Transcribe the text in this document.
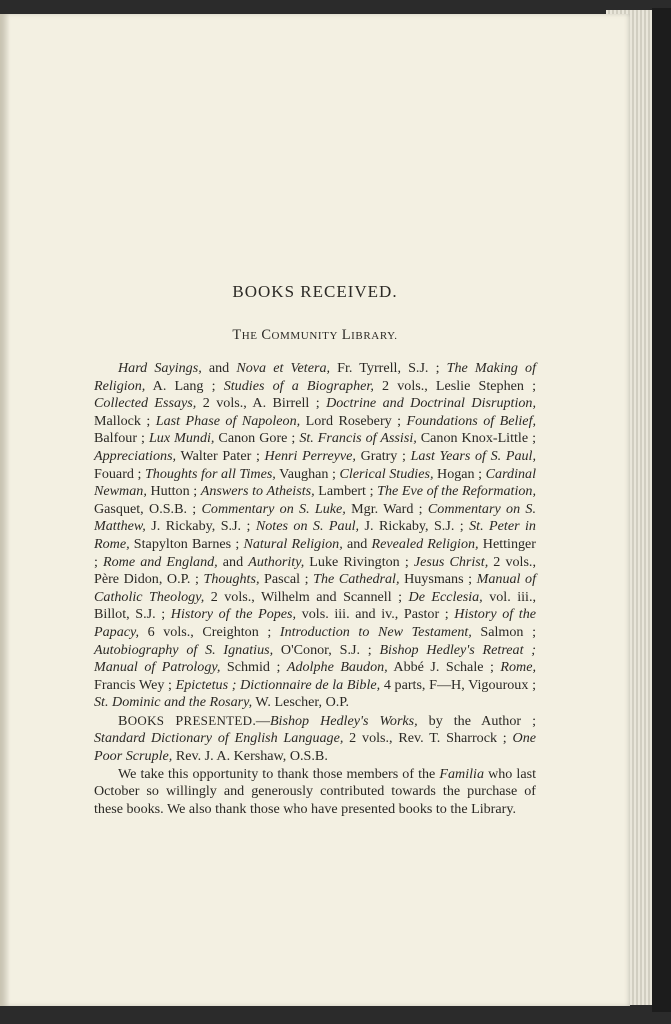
BOOKS RECEIVED.
THE COMMUNITY LIBRARY.

Hard Sayings, and Nova et Vetera, Fr. Tyrrell, S.J. ; The Making of Religion, A. Lang ; Studies of a Biographer, 2 vols., Leslie Stephen ; Collected Essays, 2 vols., A. Birrell ; Doctrine and Doctrinal Disruption, Mallock ; Last Phase of Napoleon, Lord Rosebery ; Foundations of Belief, Balfour ; Lux Mundi, Canon Gore ; St. Francis of Assisi, Canon Knox-Little ; Appreciations, Walter Pater ; Henri Perreyve, Gratry ; Last Years of S. Paul, Fouard ; Thoughts for all Times, Vaughan ; Clerical Studies, Hogan ; Cardinal Newman, Hutton ; Answers to Atheists, Lambert ; The Eve of the Reformation, Gasquet, O.S.B. ; Commentary on S. Luke, Mgr. Ward ; Commentary on S. Matthew, J. Rickaby, S.J. ; Notes on S. Paul, J. Rickaby, S.J. ; St. Peter in Rome, Stapylton Barnes ; Natural Religion, and Revealed Religion, Hettinger ; Rome and England, and Authority, Luke Rivington ; Jesus Christ, 2 vols., Père Didon, O.P. ; Thoughts, Pascal ; The Cathedral, Huysmans ; Manual of Catholic Theology, 2 vols., Wilhelm and Scannell ; De Ecclesia, vol. iii., Billot, S.J. ; History of the Popes, vols. iii. and iv., Pastor ; History of the Papacy, 6 vols., Creighton ; Introduction to New Testament, Salmon ; Autobiography of S. Ignatius, O'Conor, S.J. ; Bishop Hedley's Retreat ; Manual of Patrology, Schmid ; Adolphe Baudon, Abbé J. Schale ; Rome, Francis Wey ; Epictetus ; Dictionnaire de la Bible, 4 parts, F—H, Vigouroux ; St. Dominic and the Rosary, W. Lescher, O.P.

BOOKS PRESENTED.—Bishop Hedley's Works, by the Author ; Standard Dictionary of English Language, 2 vols., Rev. T. Sharrock ; One Poor Scruple, Rev. J. A. Kershaw, O.S.B.

We take this opportunity to thank those members of the Familia who last October so willingly and generously contributed towards the purchase of these books. We also thank those who have presented books to the Library.
